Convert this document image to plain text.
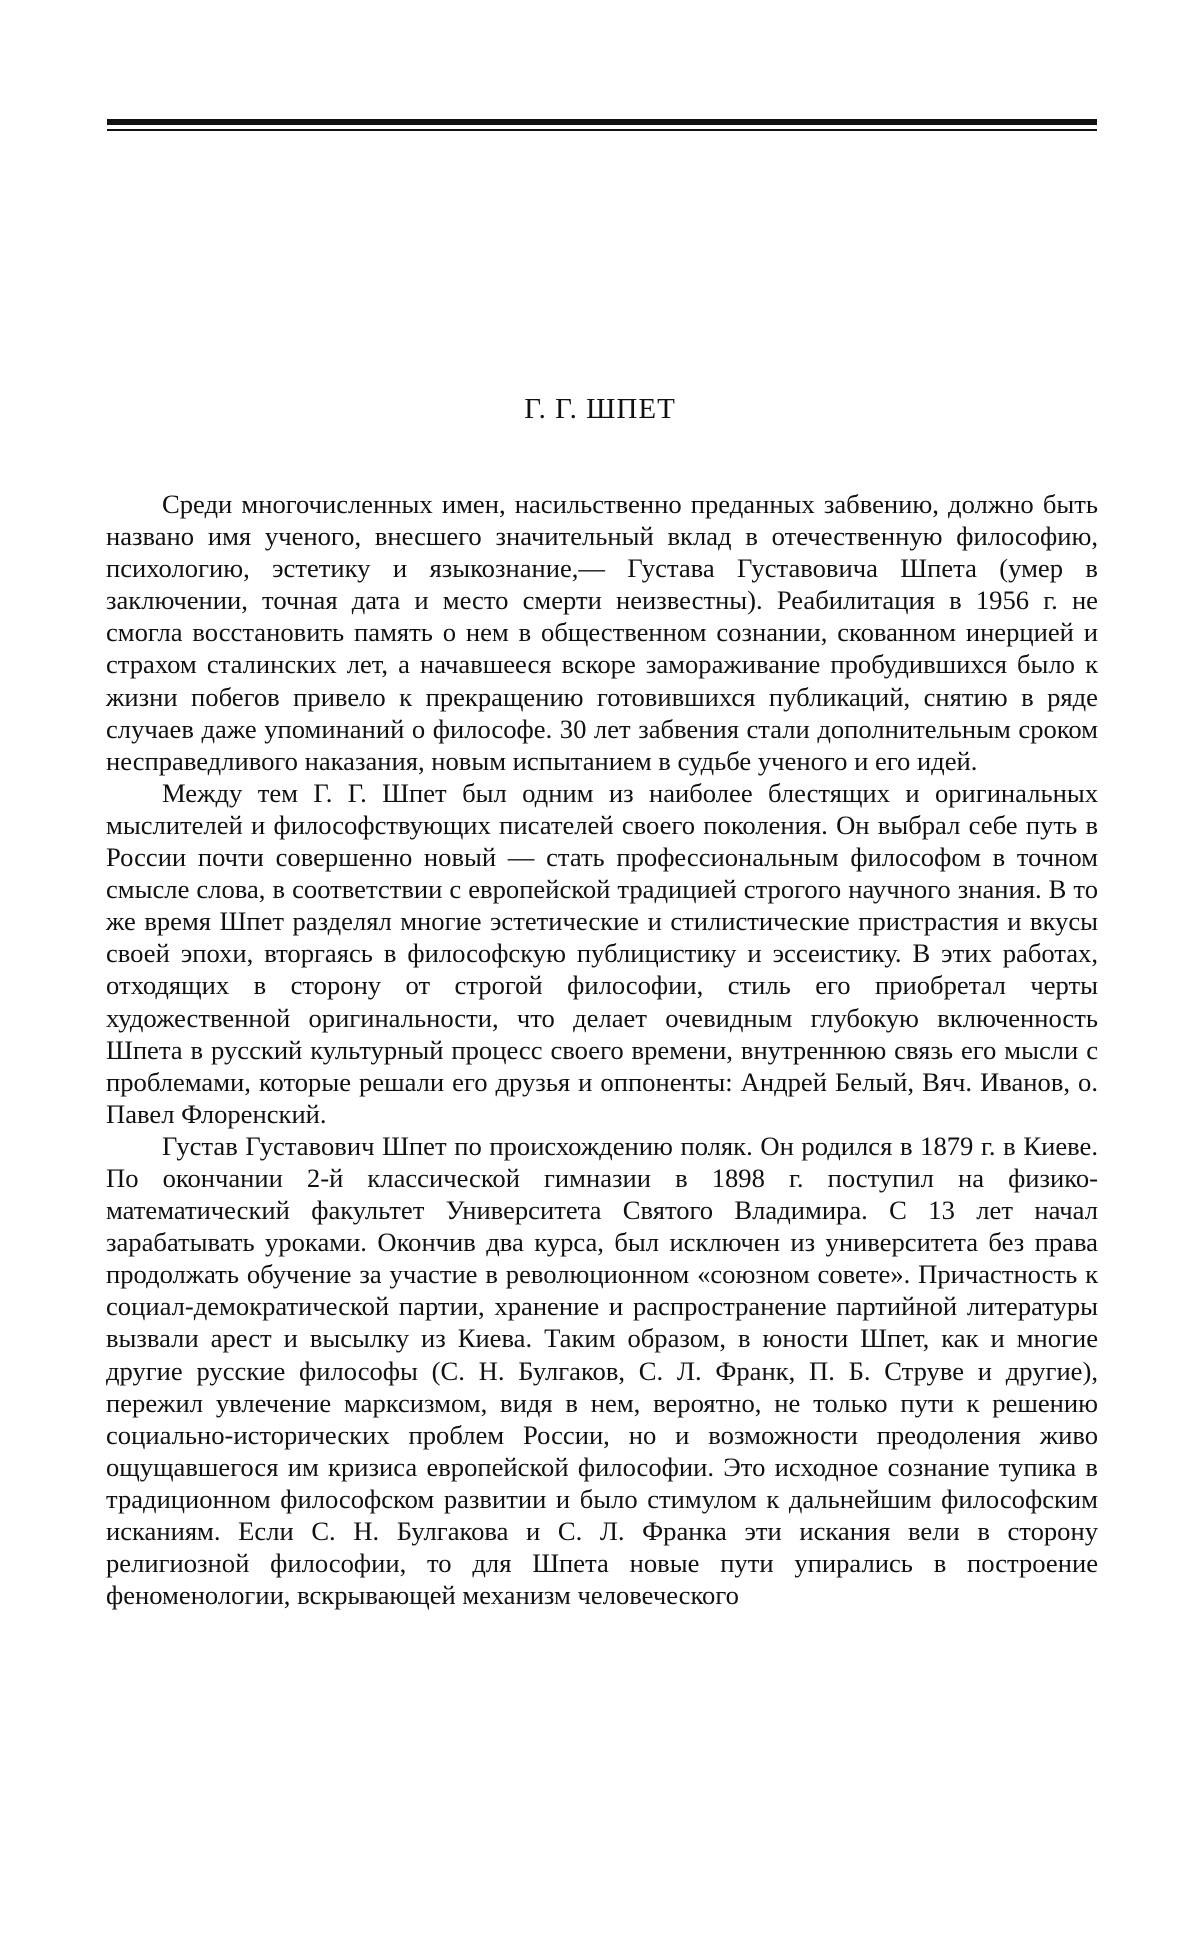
Г. Г. ШПЕТ

Среди многочисленных имен, насильственно преданных забвению, должно быть названо имя ученого, внесшего значительный вклад в отечественную философию, психологию, эстетику и языкознание,— Густава Густавовича Шпета (умер в заключении, точная дата и место смерти неизвестны). Реабилитация в 1956 г. не смогла восстановить память о нем в общественном сознании, скованном инерцией и страхом сталинских лет, а начавшееся вскоре замораживание пробудившихся было к жизни побегов привело к прекращению готовившихся публикаций, снятию в ряде случаев даже упоминаний о философе. 30 лет забвения стали дополнительным сроком несправедливого наказания, новым испытанием в судьбе ученого и его идей.

Между тем Г. Г. Шпет был одним из наиболее блестящих и оригинальных мыслителей и философствующих писателей своего поколения. Он выбрал себе путь в России почти совершенно новый — стать профессиональным философом в точном смысле слова, в соответствии с европейской традицией строгого научного знания. В то же время Шпет разделял многие эстетические и стилистические пристрастия и вкусы своей эпохи, вторгаясь в философскую публицистику и эссеистику. В этих работах, отходящих в сторону от строгой философии, стиль его приобретал черты художественной оригинальности, что делает очевидным глубокую включенность Шпета в русский культурный процесс своего времени, внутреннюю связь его мысли с проблемами, которые решали его друзья и оппоненты: Андрей Белый, Вяч. Иванов, о. Павел Флоренский.

Густав Густавович Шпет по происхождению поляк. Он родился в 1879 г. в Киеве. По окончании 2-й классической гимназии в 1898 г. поступил на физико-математический факультет Университета Святого Владимира. С 13 лет начал зарабатывать уроками. Окончив два курса, был исключен из университета без права продолжать обучение за участие в революционном «союзном совете». Причастность к социал-демократической партии, хранение и распространение партийной литературы вызвали арест и высылку из Киева. Таким образом, в юности Шпет, как и многие другие русские философы (С. Н. Булгаков, С. Л. Франк, П. Б. Струве и другие), пережил увлечение марксизмом, видя в нем, вероятно, не только пути к решению социально-исторических проблем России, но и возможности преодоления живо ощущавшегося им кризиса европейской философии. Это исходное сознание тупика в традиционном философском развитии и было стимулом к дальнейшим философским исканиям. Если С. Н. Булгакова и С. Л. Франка эти искания вели в сторону религиозной философии, то для Шпета новые пути упирались в построение феноменологии, вскрывающей механизм человеческого
